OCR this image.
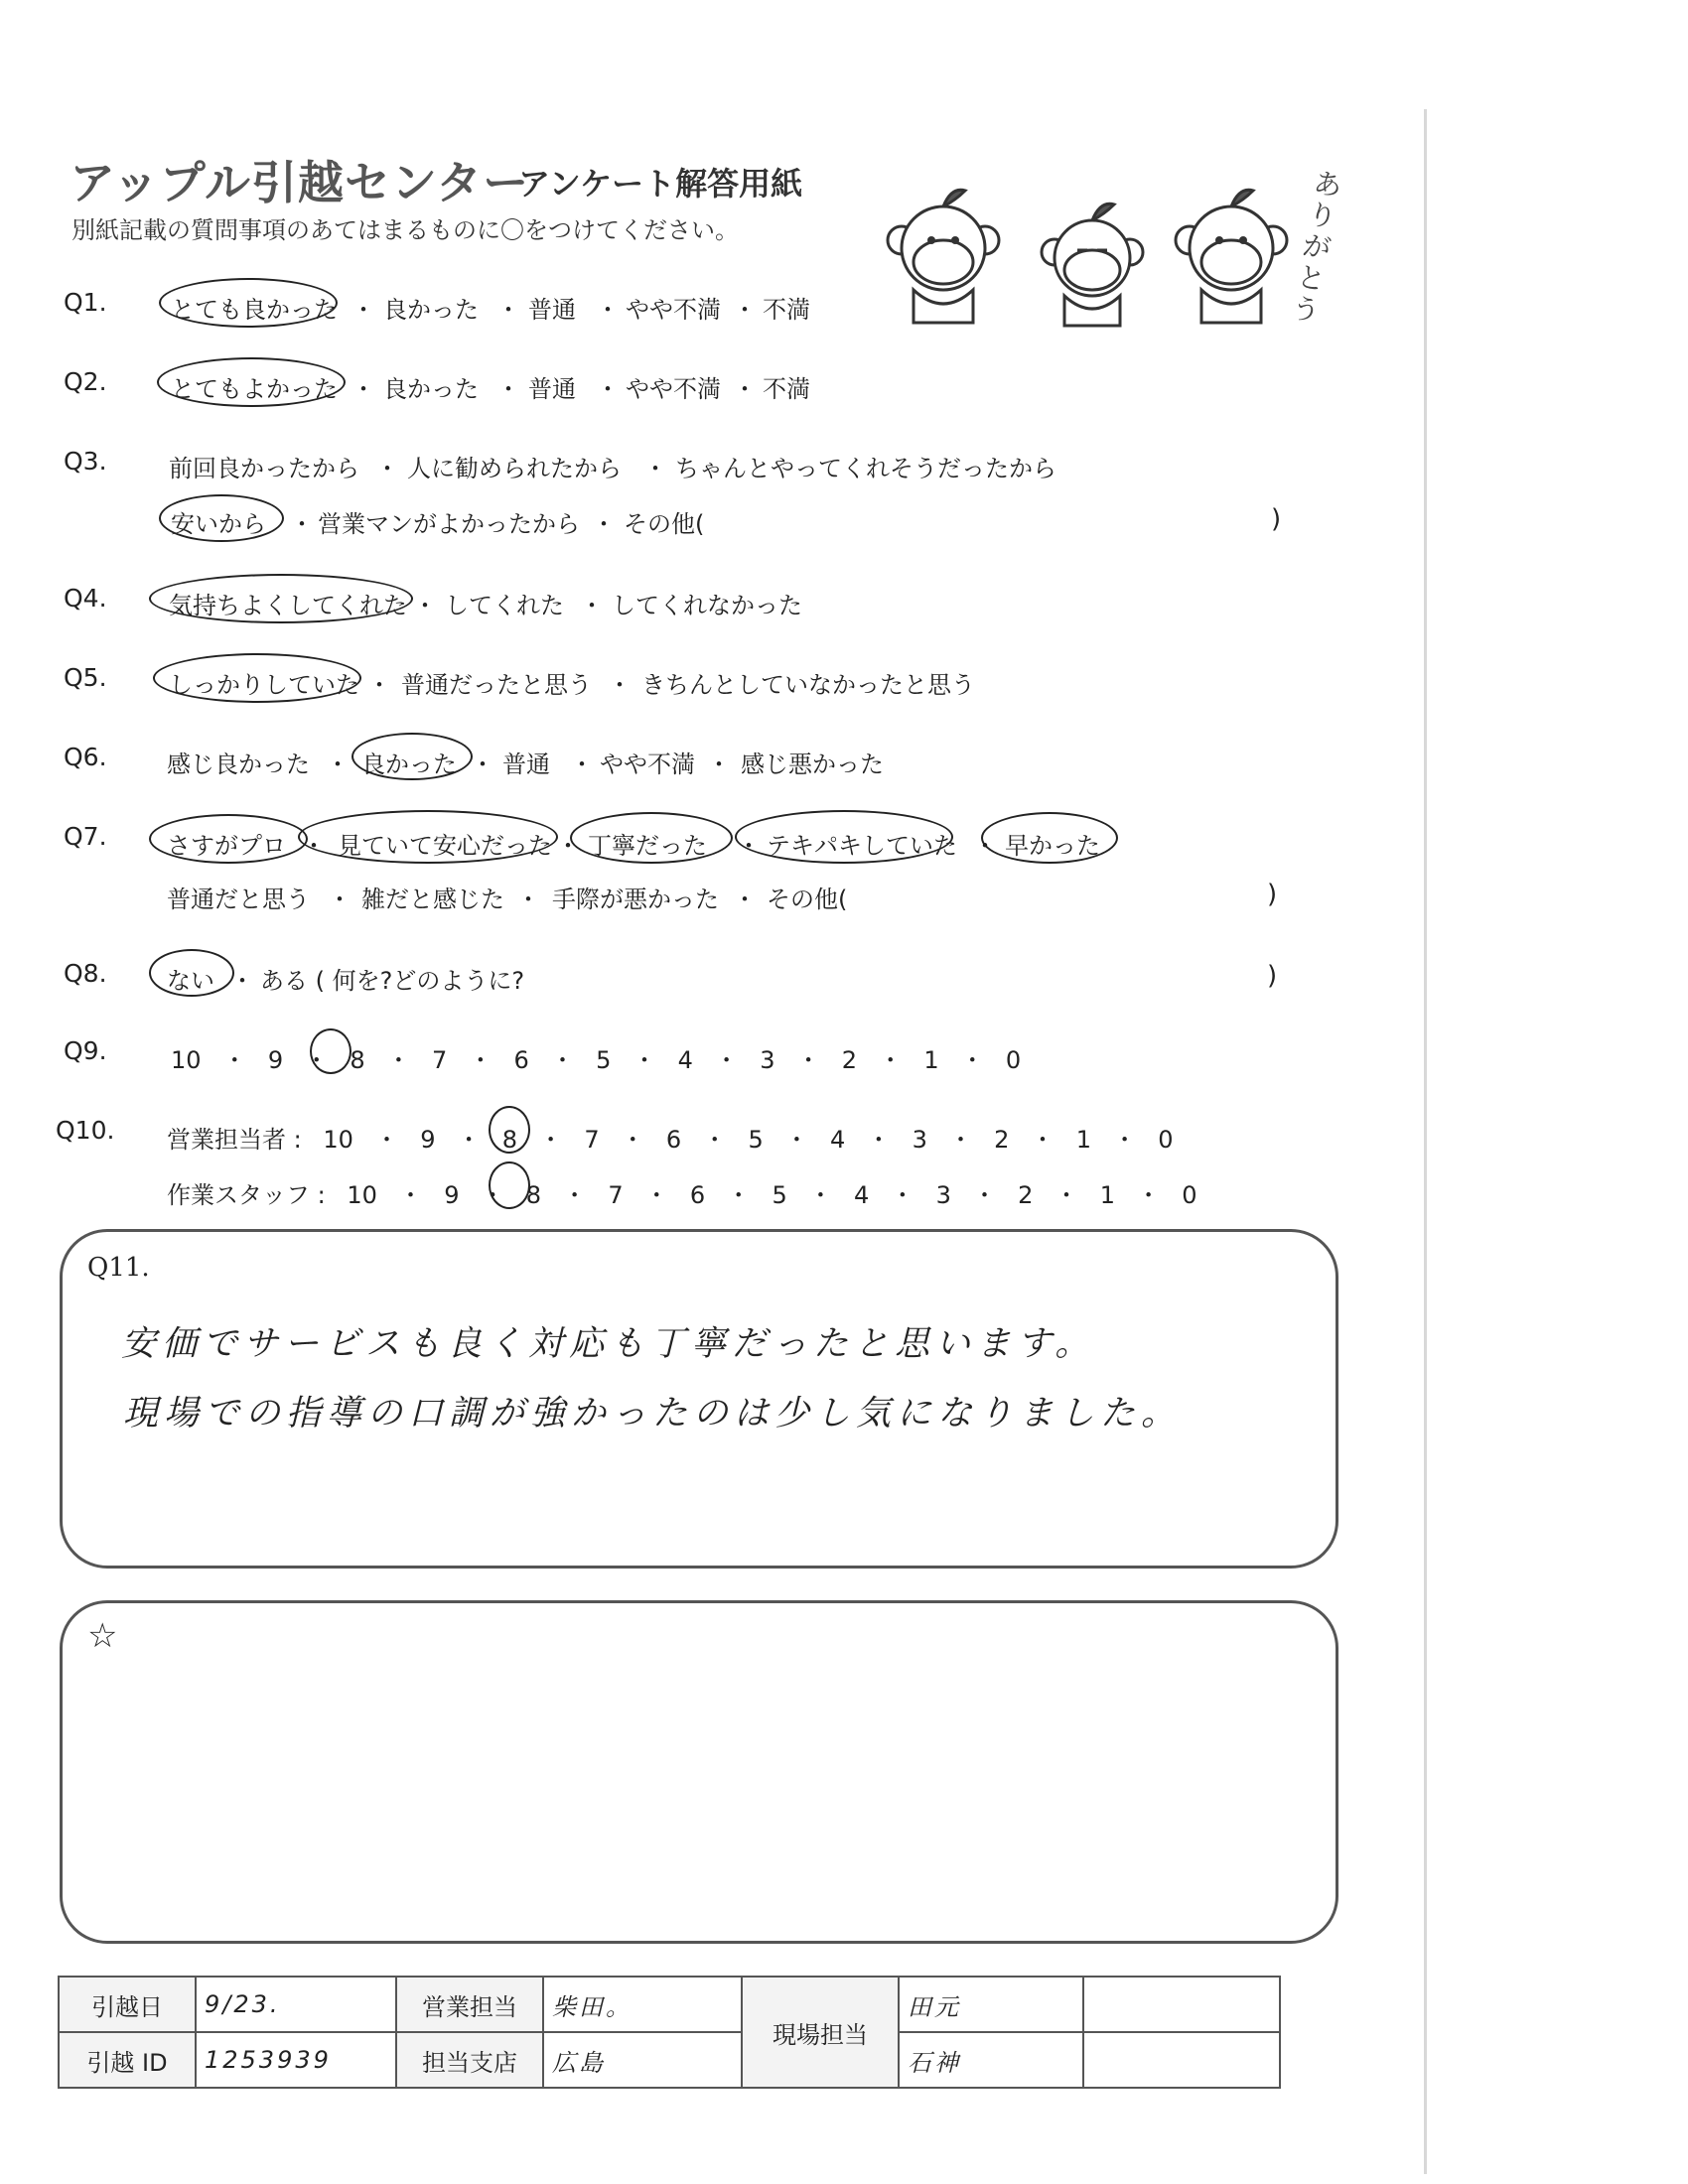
アップル引越センター
アンケート解答用紙
別紙記載の質問事項のあてはまるものに〇をつけてください。
ありがとう
Q1.	とても良かった ・ 良かった ・ 普通 ・ やや不満 ・ 不満
Q2.	とてもよかった ・ 良かった ・ 普通 ・ やや不満 ・ 不満
Q3.	前回良かったから ・ 人に勧められたから ・ ちゃんとやってくれそうだったから
安いから ・ 営業マンがよかったから ・ その他(	)
Q4.	気持ちよくしてくれた ・ してくれた ・ してくれなかった
Q5.	しっかりしていた ・ 普通だったと思う ・ きちんとしていなかったと思う
Q6.	感じ良かった ・ 良かった ・ 普通 ・ やや不満 ・ 感じ悪かった
Q7.	さすがプロ ・ 見ていて安心だった ・ 丁寧だった ・ テキパキしていた ・ 早かった
普通だと思う ・ 雑だと感じた ・ 手際が悪かった ・ その他(	)
Q8.	ない ・ ある ( 何を?どのように?	)
Q9.	10 ・ 9 ・ 8 ・ 7 ・ 6 ・ 5 ・ 4 ・ 3 ・ 2 ・ 1 ・ 0
Q10. 営業担当者 : 10 ・ 9 ・ 8 ・ 7 ・ 6 ・ 5 ・ 4 ・ 3 ・ 2 ・ 1 ・ 0
作業スタッフ : 10 ・ 9 ・ 8 ・ 7 ・ 6 ・ 5 ・ 4 ・ 3 ・ 2 ・ 1 ・ 0
Q11.
安価でサービスも良く対応も丁寧だったと思います。
現場での指導の口調が強かったのは少し気になりました。
☆
引越日	9/23.	営業担当	柴田。	現場担当	田元	
引越 ID	1253939	担当支店	広島		石神	
